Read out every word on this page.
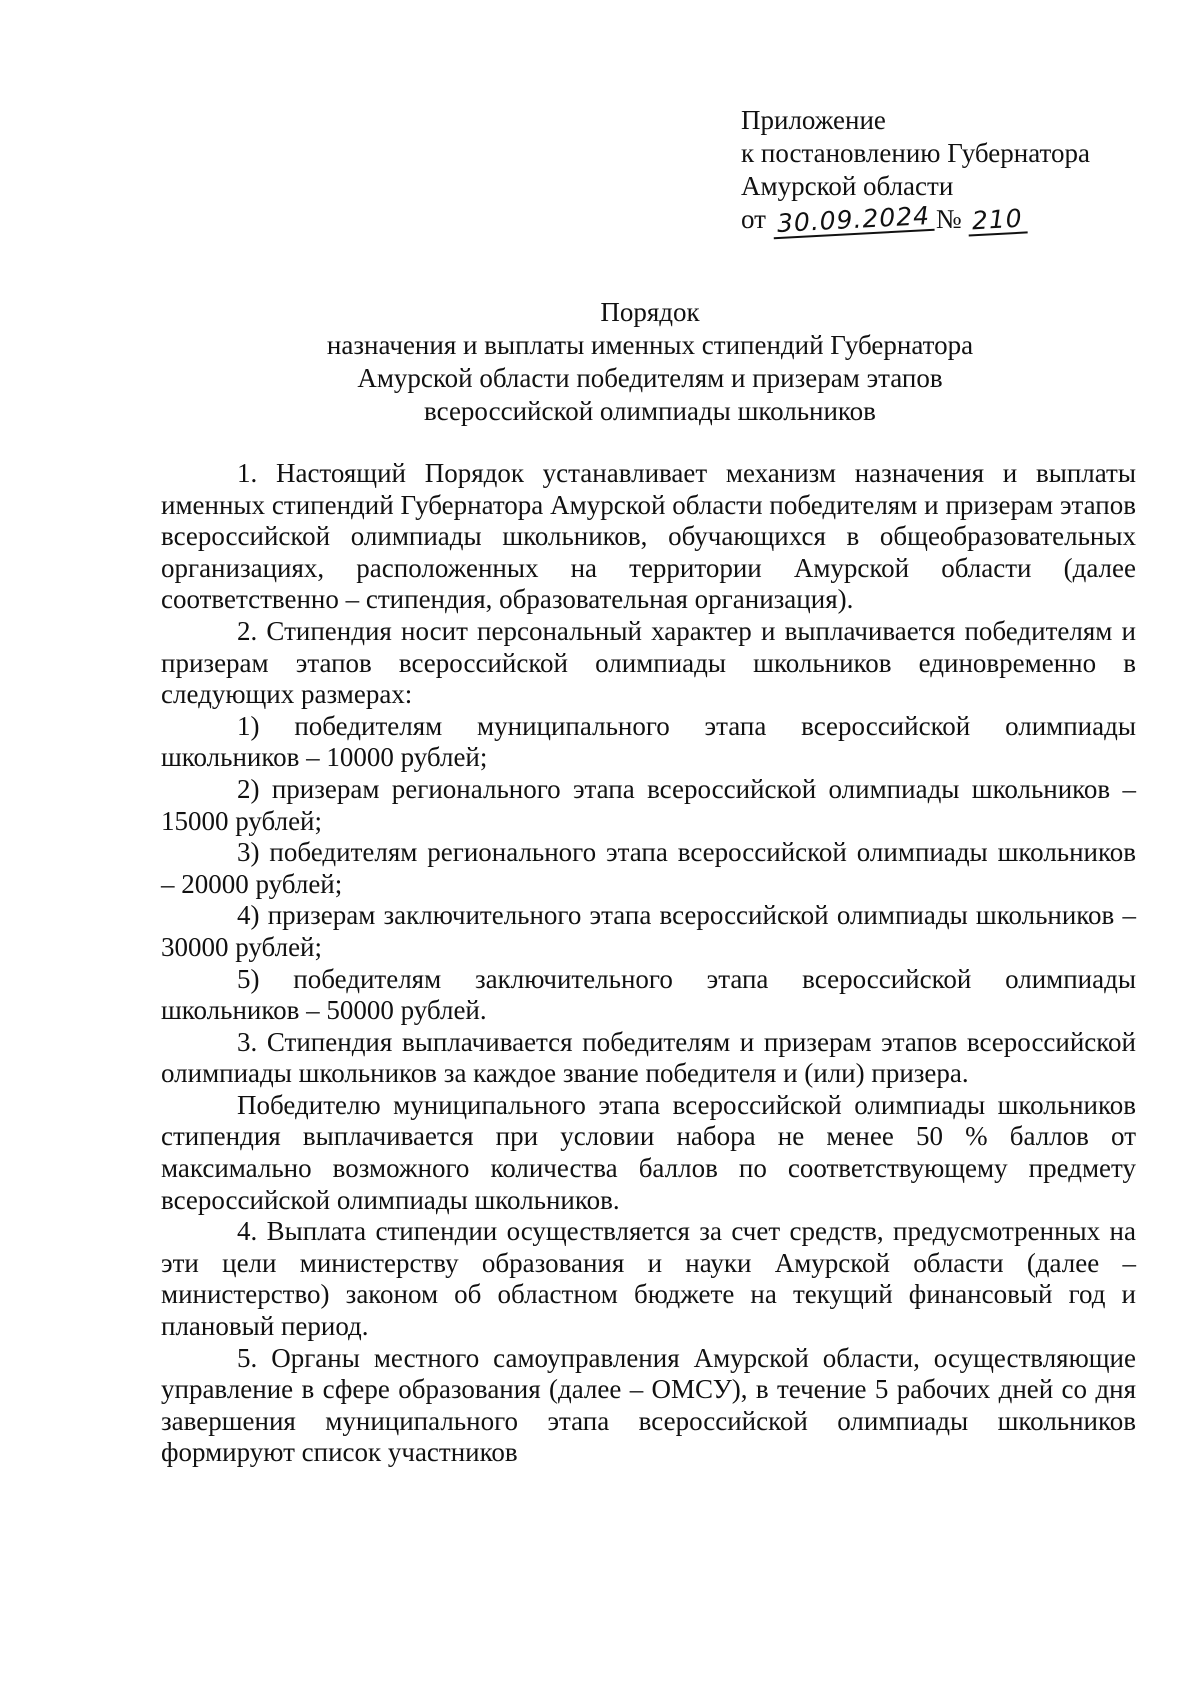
Приложение
к постановлению Губернатора
Амурской области
от 30.09.2024 № 210
Порядок
назначения и выплаты именных стипендий Губернатора
Амурской области победителям и призерам этапов
всероссийской олимпиады школьников

1. Настоящий Порядок устанавливает механизм назначения и выплаты именных стипендий Губернатора Амурской области победителям и призерам этапов всероссийской олимпиады школьников, обучающихся в общеобразовательных организациях, расположенных на территории Амурской области (далее соответственно – стипендия, образовательная организация).

2. Стипендия носит персональный характер и выплачивается победителям и призерам этапов всероссийской олимпиады школьников единовременно в следующих размерах:

1) победителям муниципального этапа всероссийской олимпиады школьников – 10000 рублей;

2) призерам регионального этапа всероссийской олимпиады школьников – 15000 рублей;

3) победителям регионального этапа всероссийской олимпиады школьников – 20000 рублей;

4) призерам заключительного этапа всероссийской олимпиады школьников – 30000 рублей;

5) победителям заключительного этапа всероссийской олимпиады школьников – 50000 рублей.

3. Стипендия выплачивается победителям и призерам этапов всероссийской олимпиады школьников за каждое звание победителя и (или) призера.

Победителю муниципального этапа всероссийской олимпиады школьников стипендия выплачивается при условии набора не менее 50 % баллов от максимально возможного количества баллов по соответствующему предмету всероссийской олимпиады школьников.

4. Выплата стипендии осуществляется за счет средств, предусмотренных на эти цели министерству образования и науки Амурской области (далее – министерство) законом об областном бюджете на текущий финансовый год и плановый период.

5. Органы местного самоуправления Амурской области, осуществляющие управление в сфере образования (далее – ОМСУ), в течение 5 рабочих дней со дня завершения муниципального этапа всероссийской олимпиады школьников формируют список участников
